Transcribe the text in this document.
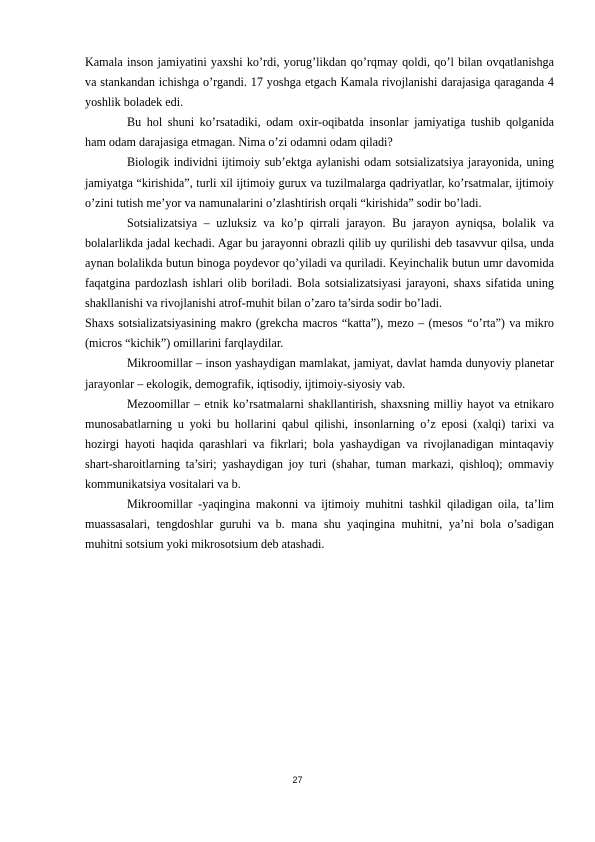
Kamala inson jamiyatini yaxshi ko’rdi, yorug’likdan qo’rqmay qoldi, qo’l bilan ovqatlanishga va stankandan ichishga o’rgandi. 17 yoshga etgach Kamala rivojlanishi darajasiga qaraganda 4 yoshlik boladek edi.

Bu hol shuni ko’rsatadiki, odam oxir-oqibatda insonlar jamiyatiga tushib qolganida ham odam darajasiga etmagan. Nima o’zi odamni odam qiladi?

Biologik individni ijtimoiy sub’ektga aylanishi odam sotsializatsiya jarayonida, uning jamiyatga “kirishida”, turli xil ijtimoiy gurux va tuzilmalarga qadriyatlar, ko’rsatmalar, ijtimoiy o’zini tutish me’yor va namunalarini o’zlashtirish orqali “kirishida” sodir bo’ladi.

Sotsializatsiya – uzluksiz va ko’p qirrali jarayon. Bu jarayon ayniqsa, bolalik va bolalarlikda jadal kechadi. Agar bu jarayonni obrazli qilib uy qurilishi deb tasavvur qilsa, unda aynan bolalikda butun binoga poydevor qo’yiladi va quriladi. Keyinchalik butun umr davomida faqatgina pardozlash ishlari olib boriladi. Bola sotsializatsiyasi jarayoni, shaxs sifatida uning shakllanishi va rivojlanishi atrof-muhit bilan o’zaro ta’sirda sodir bo’ladi.

Shaxs sotsializatsiyasining makro (grekcha macros “katta”), mezo – (mesos “o’rta”) va mikro (micros “kichik”) omillarini farqlaydilar.

Mikroomillar – inson yashaydigan mamlakat, jamiyat, davlat hamda dunyoviy planetar jarayonlar – ekologik, demografik, iqtisodiy, ijtimoiy-siyosiy vab.

Mezoomillar – etnik ko’rsatmalarni shakllantirish, shaxsning milliy hayot va etnikaro munosabatlarning u yoki bu hollarini qabul qilishi, insonlarning o’z eposi (xalqi) tarixi va hozirgi hayoti haqida qarashlari va fikrlari; bola yashaydigan va rivojlanadigan mintaqaviy shart-sharoitlarning ta’siri; yashaydigan joy turi (shahar, tuman markazi, qishloq); ommaviy kommunikatsiya vositalari va b.

Mikroomillar -yaqingina makonni va ijtimoiy muhitni tashkil qiladigan oila, ta’lim muassasalari, tengdoshlar guruhi va b. mana shu yaqingina muhitni, ya’ni bola o’sadigan muhitni sotsium yoki mikrosotsium deb atashadi.

27
